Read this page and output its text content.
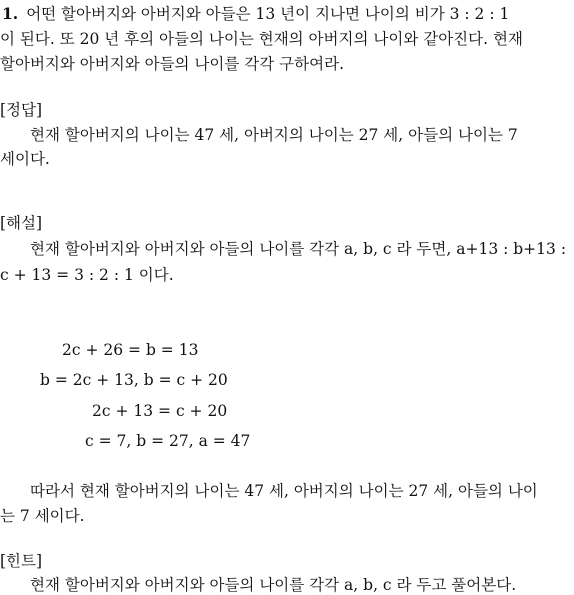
1. 어떤 할아버지와 아버지와 아들은 13 년이 지나면 나이의 비가 3 : 2 : 1
이 된다. 또 20 년 후의 아들의 나이는 현재의 아버지의 나이와 같아진다. 현재
할아버지와 아버지와 아들의 나이를 각각 구하여라.
[정답]
현재 할아버지의 나이는 47 세, 아버지의 나이는 27 세, 아들의 나이는 7
세이다.
[해설]
현재 할아버지와 아버지와 아들의 나이를 각각 a, b, c 라 두면, a+13 : b+13 :
c + 13 = 3 : 2 : 1 이다.
2c + 26 = b = 13
b = 2c + 13, b = c + 20
2c + 13 = c + 20
c = 7, b = 27, a = 47
따라서 현재 할아버지의 나이는 47 세, 아버지의 나이는 27 세, 아들의 나이
는 7 세이다.
[힌트]
현재 할아버지와 아버지와 아들의 나이를 각각 a, b, c 라 두고 풀어본다.
